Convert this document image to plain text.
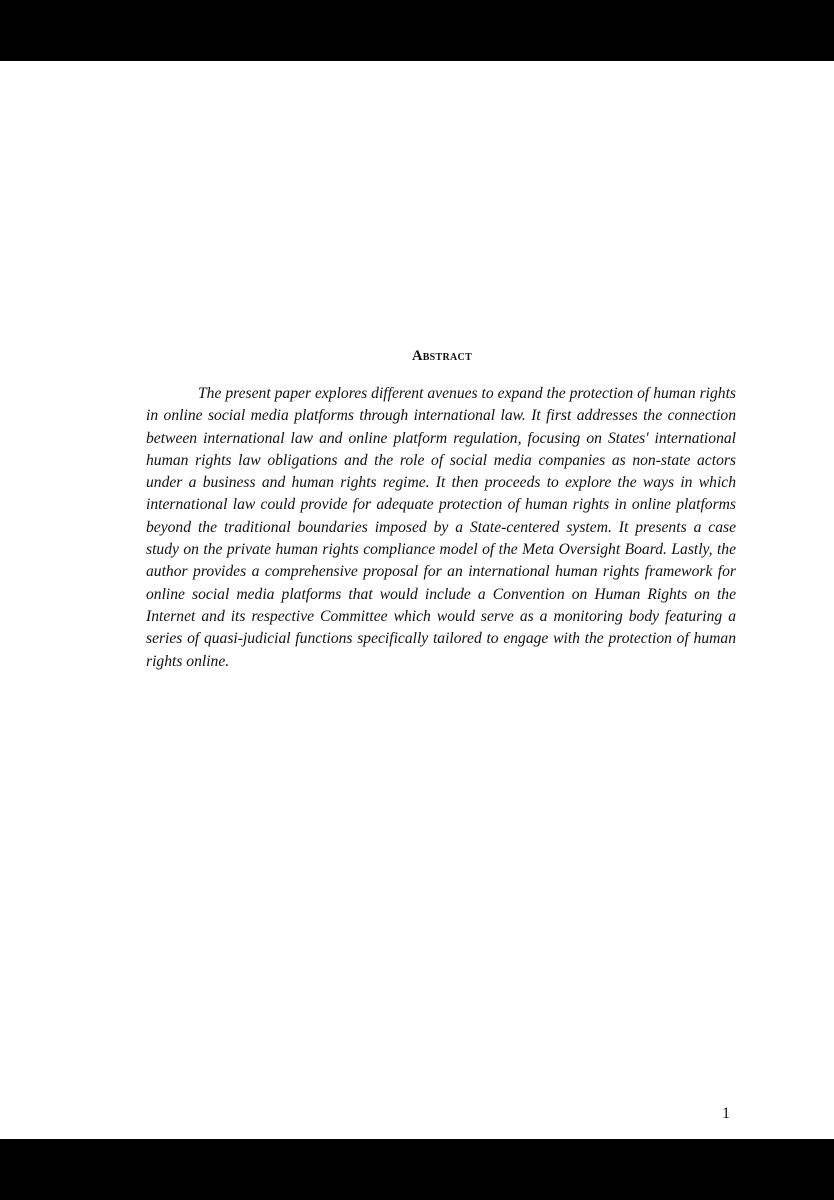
Abstract

The present paper explores different avenues to expand the protection of human rights in online social media platforms through international law. It first addresses the connection between international law and online platform regulation, focusing on States' international human rights law obligations and the role of social media companies as non-state actors under a business and human rights regime. It then proceeds to explore the ways in which international law could provide for adequate protection of human rights in online platforms beyond the traditional boundaries imposed by a State-centered system. It presents a case study on the private human rights compliance model of the Meta Oversight Board. Lastly, the author provides a comprehensive proposal for an international human rights framework for online social media platforms that would include a Convention on Human Rights on the Internet and its respective Committee which would serve as a monitoring body featuring a series of quasi-judicial functions specifically tailored to engage with the protection of human rights online.

1
